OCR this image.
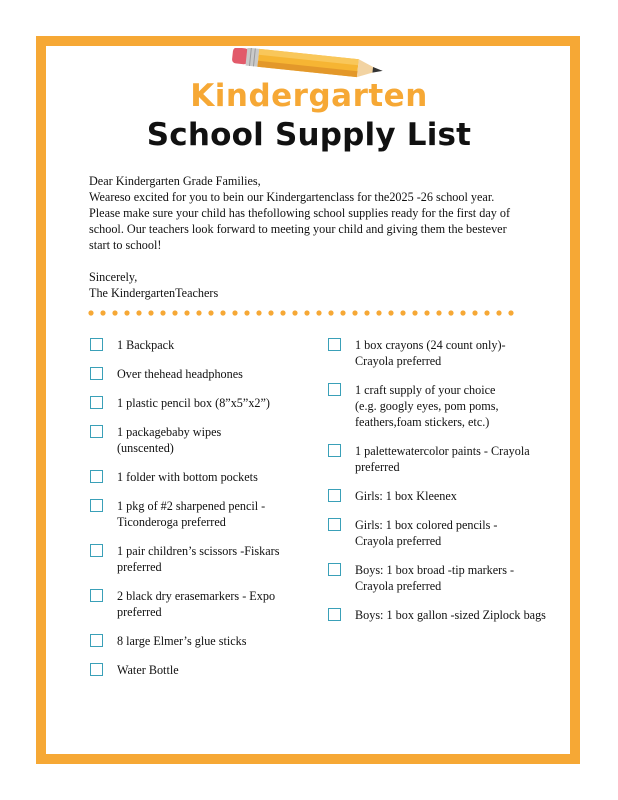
Kindergarten
School Supply List

Dear Kindergarten Grade Families,

Weareso excited for you to bein our Kindergartenclass for the2025 -26 school year. Please make sure your child has thefollowing school supplies ready for the first day of school. Our teachers look forward to meeting your child and giving them the bestever start to school!

Sincerely,

The KindergartenTeachers

1 Backpack
Over thehead headphones
1 plastic pencil box (8”x5”x2”)
1 packagebaby wipes (unscented)
1 folder with bottom pockets
1 pkg of #2 sharpened pencil - Ticonderoga preferred
1 pair children’s scissors -Fiskars preferred
2 black dry erasemarkers - Expo preferred
8 large Elmer’s glue sticks
Water Bottle
1 box crayons (24 count only)- Crayola preferred
1 craft supply of your choice (e.g. googly eyes, pom poms, feathers,foam stickers, etc.)
1 palettewatercolor paints - Crayola preferred
Girls: 1 box Kleenex
Girls: 1 box colored pencils - Crayola preferred
Boys: 1 box broad -tip markers - Crayola preferred
Boys: 1 box gallon -sized Ziplock bags
